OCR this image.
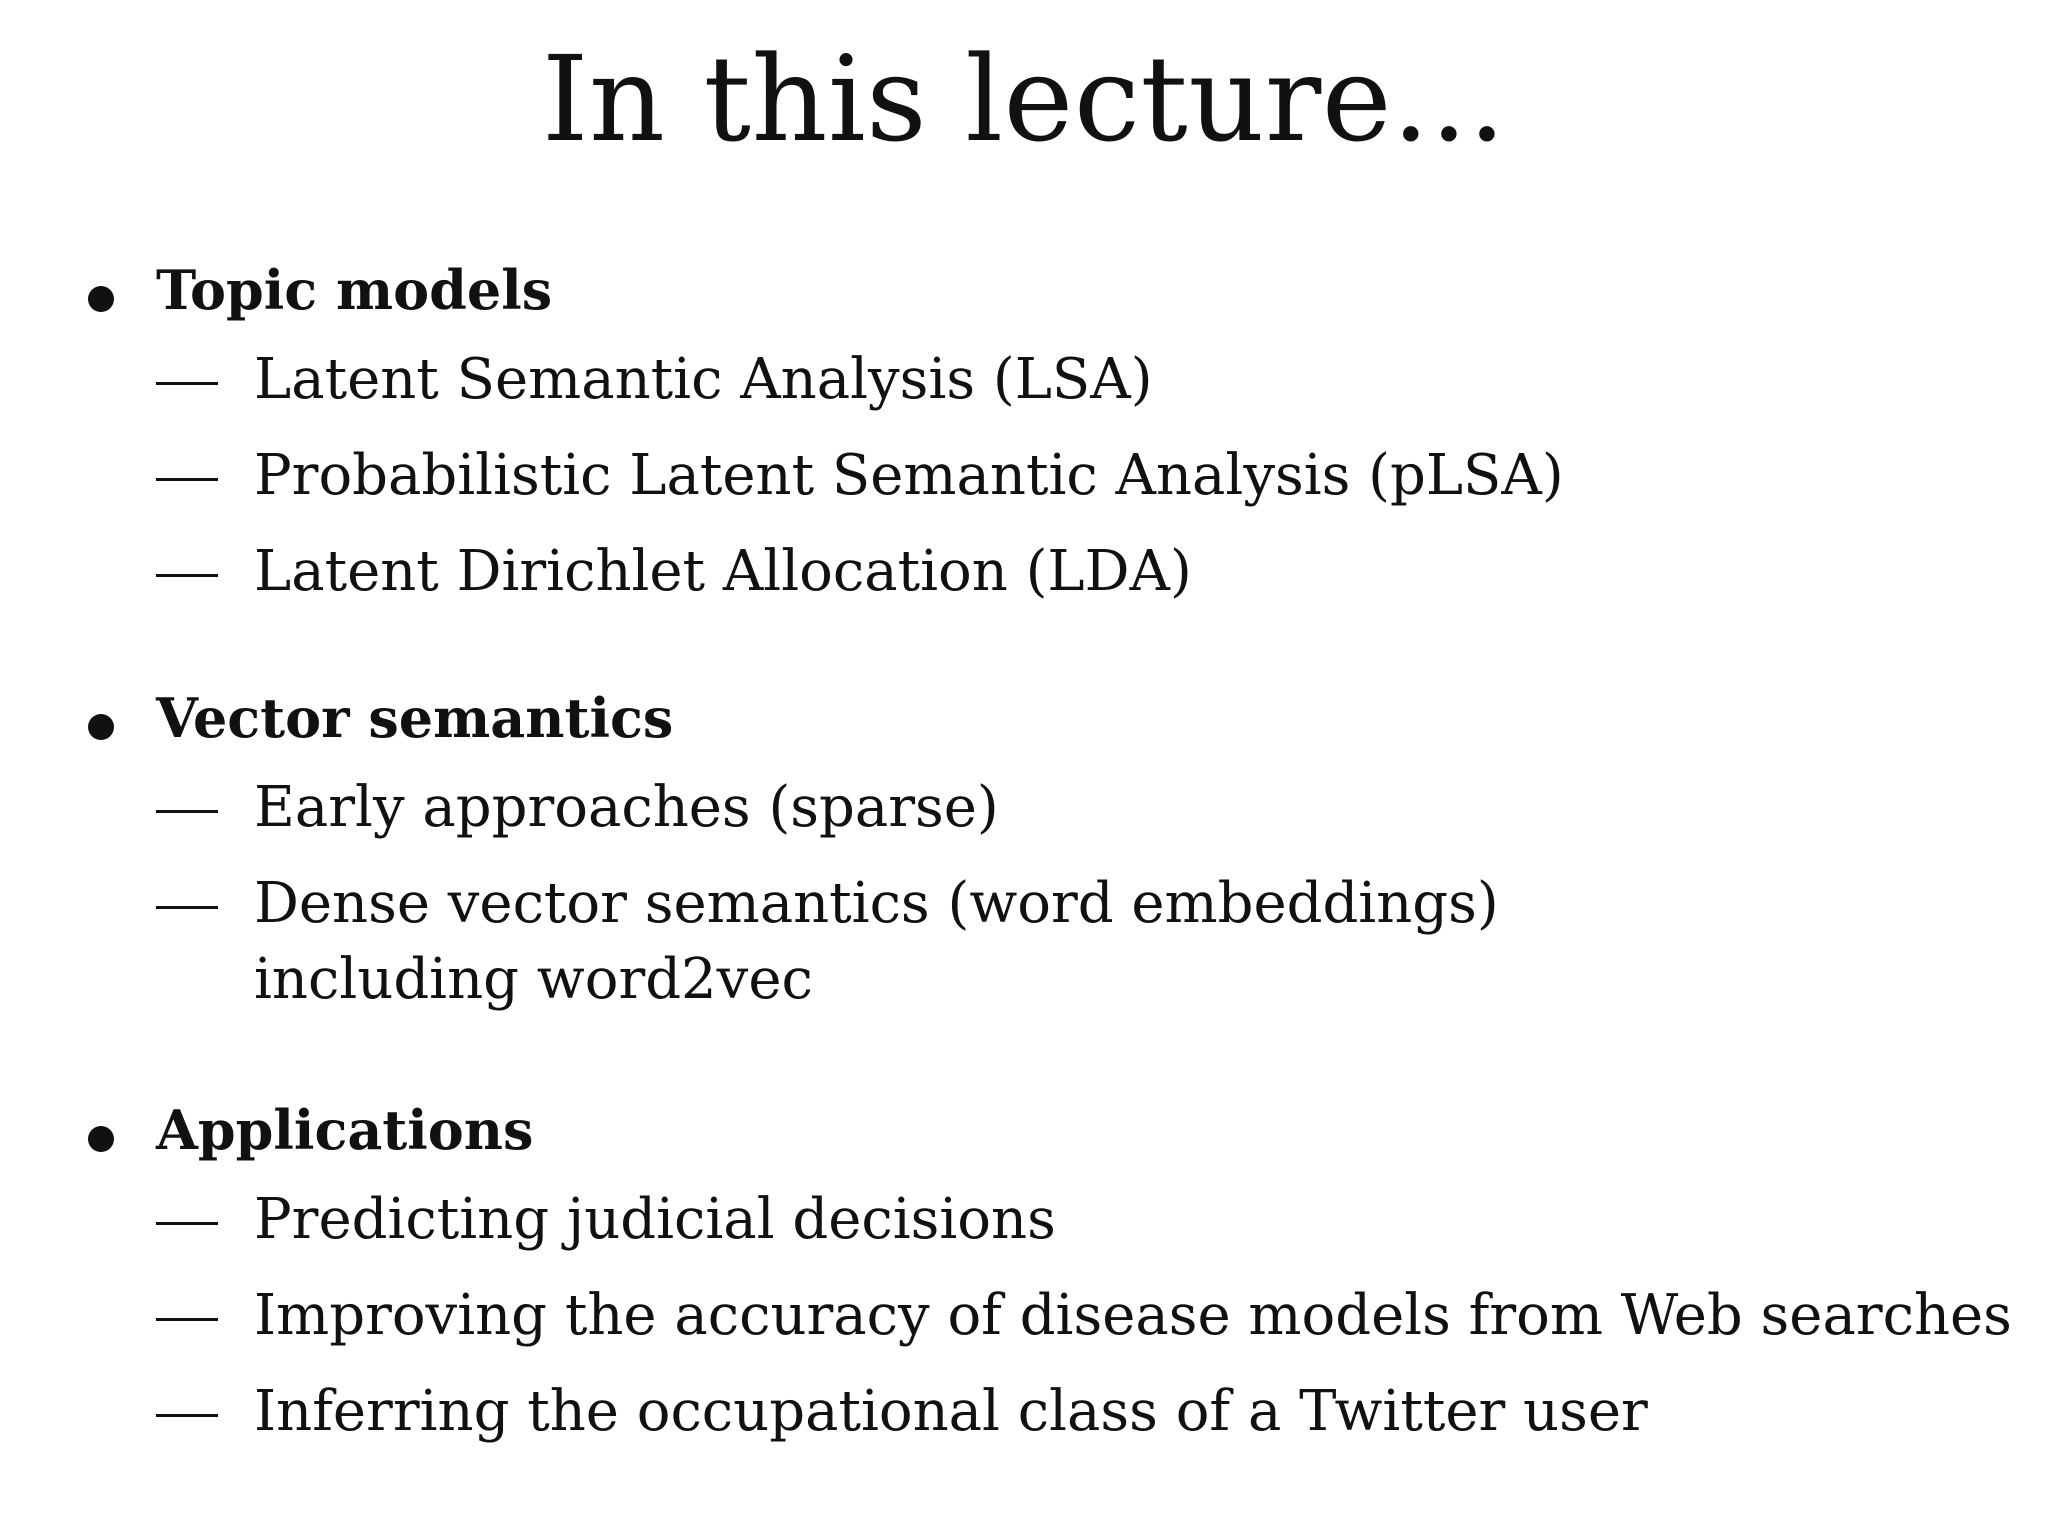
In this lecture...
Topic models
Latent Semantic Analysis (LSA)
Probabilistic Latent Semantic Analysis (pLSA)
Latent Dirichlet Allocation (LDA)
Vector semantics
Early approaches (sparse)
Dense vector semantics (word embeddings) including word2vec
Applications
Predicting judicial decisions
Improving the accuracy of disease models from Web searches
Inferring the occupational class of a Twitter user
